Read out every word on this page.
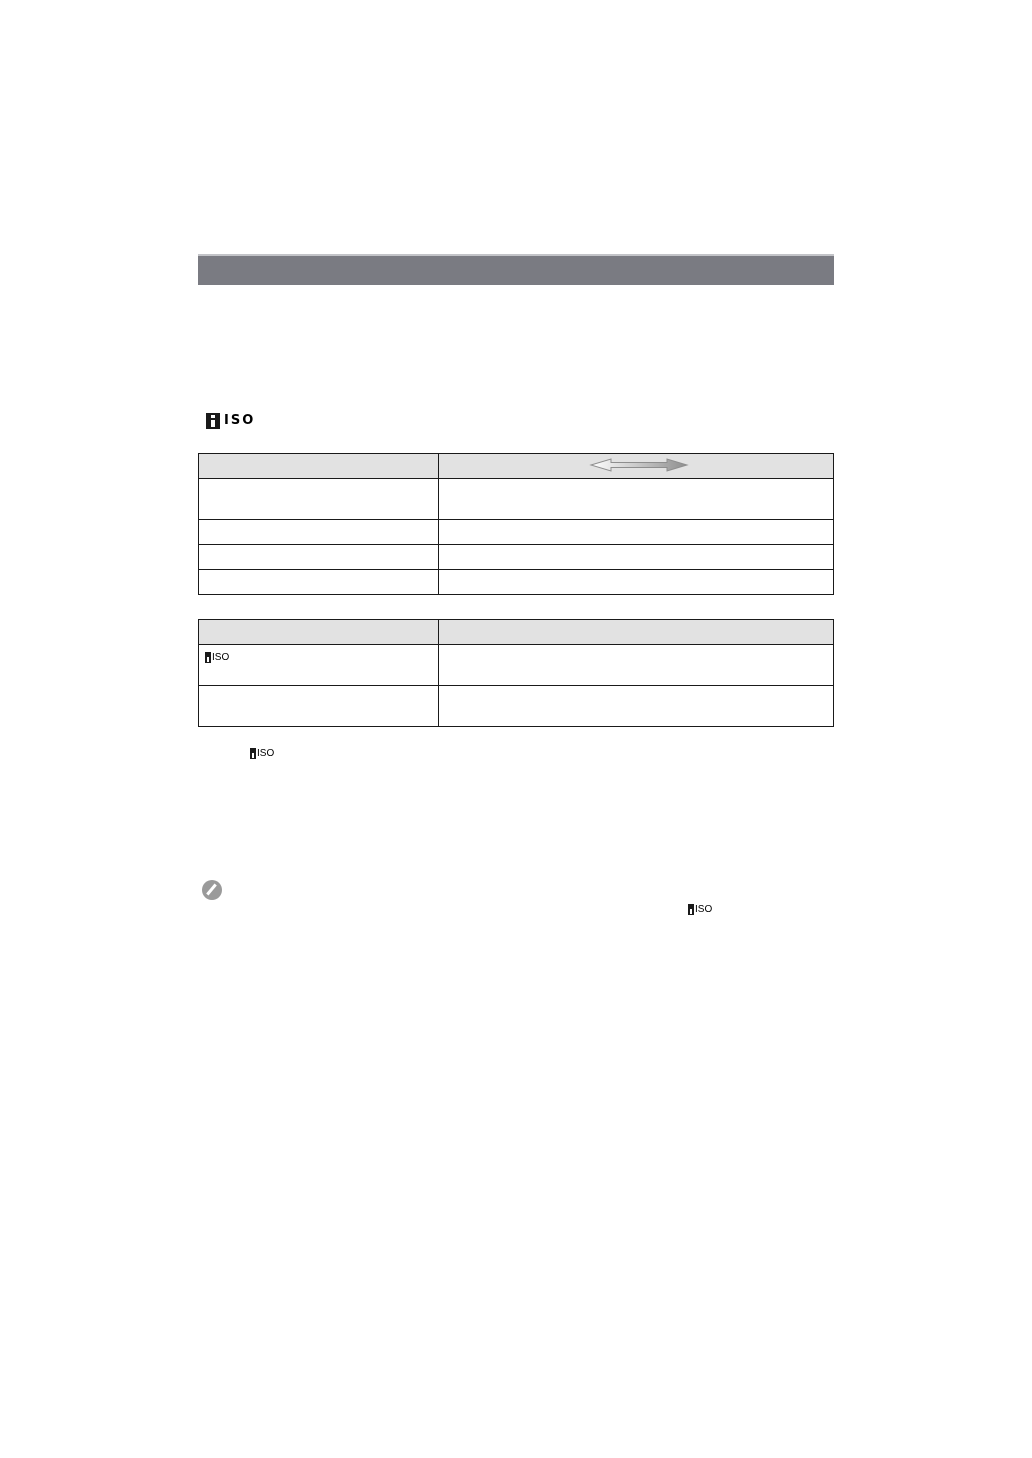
ISO

ISO	

ISO
ISO
